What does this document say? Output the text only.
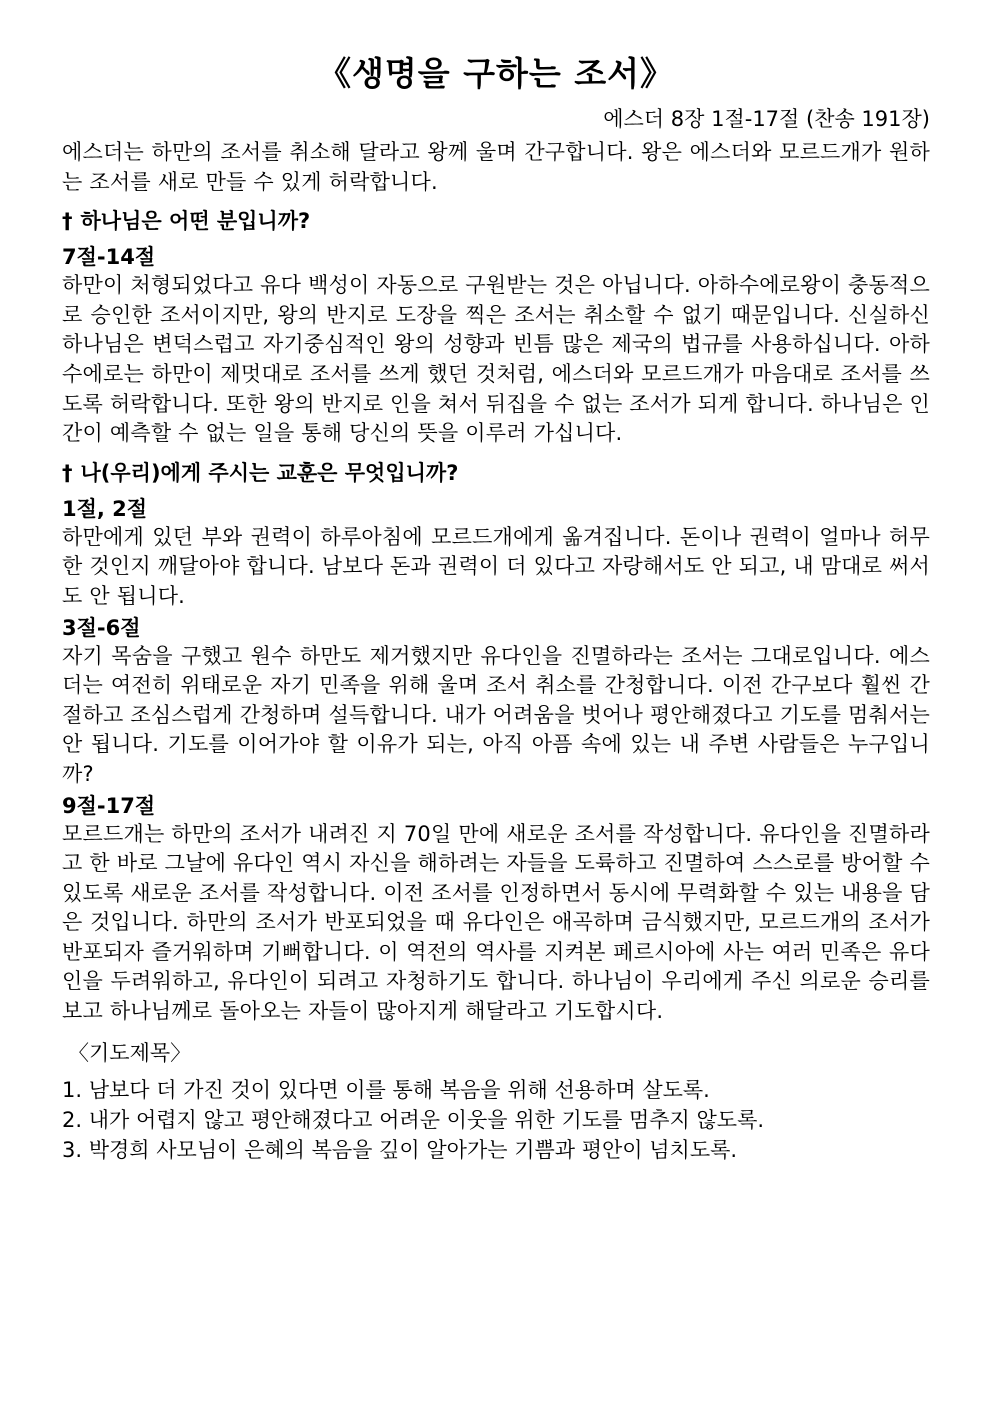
《생명을 구하는 조서》
에스더 8장 1절-17절 (찬송 191장)

에스더는 하만의 조서를 취소해 달라고 왕께 울며 간구합니다. 왕은 에스더와 모르드개가 원하는 조서를 새로 만들 수 있게 허락합니다.

† 하나님은 어떤 분입니까?
7절-14절

하만이 처형되었다고 유다 백성이 자동으로 구원받는 것은 아닙니다. 아하수에로왕이 충동적으로 승인한 조서이지만, 왕의 반지로 도장을 찍은 조서는 취소할 수 없기 때문입니다. 신실하신 하나님은 변덕스럽고 자기중심적인 왕의 성향과 빈틈 많은 제국의 법규를 사용하십니다. 아하수에로는 하만이 제멋대로 조서를 쓰게 했던 것처럼, 에스더와 모르드개가 마음대로 조서를 쓰도록 허락합니다. 또한 왕의 반지로 인을 쳐서 뒤집을 수 없는 조서가 되게 합니다. 하나님은 인간이 예측할 수 없는 일을 통해 당신의 뜻을 이루러 가십니다.

† 나(우리)에게 주시는 교훈은 무엇입니까?
1절, 2절

하만에게 있던 부와 권력이 하루아침에 모르드개에게 옮겨집니다. 돈이나 권력이 얼마나 허무한 것인지 깨달아야 합니다. 남보다 돈과 권력이 더 있다고 자랑해서도 안 되고, 내 맘대로 써서도 안 됩니다.

3절-6절

자기 목숨을 구했고 원수 하만도 제거했지만 유다인을 진멸하라는 조서는 그대로입니다. 에스더는 여전히 위태로운 자기 민족을 위해 울며 조서 취소를 간청합니다. 이전 간구보다 훨씬 간절하고 조심스럽게 간청하며 설득합니다. 내가 어려움을 벗어나 평안해졌다고 기도를 멈춰서는 안 됩니다. 기도를 이어가야 할 이유가 되는, 아직 아픔 속에 있는 내 주변 사람들은 누구입니까?

9절-17절

모르드개는 하만의 조서가 내려진 지 70일 만에 새로운 조서를 작성합니다. 유다인을 진멸하라고 한 바로 그날에 유다인 역시 자신을 해하려는 자들을 도륙하고 진멸하여 스스로를 방어할 수 있도록 새로운 조서를 작성합니다. 이전 조서를 인정하면서 동시에 무력화할 수 있는 내용을 담은 것입니다. 하만의 조서가 반포되었을 때 유다인은 애곡하며 금식했지만, 모르드개의 조서가 반포되자 즐거워하며 기뻐합니다. 이 역전의 역사를 지켜본 페르시아에 사는 여러 민족은 유다인을 두려워하고, 유다인이 되려고 자청하기도 합니다. 하나님이 우리에게 주신 의로운 승리를 보고 하나님께로 돌아오는 자들이 많아지게 해달라고 기도합시다.

〈기도제목〉
1. 남보다 더 가진 것이 있다면 이를 통해 복음을 위해 선용하며 살도록.
2. 내가 어렵지 않고 평안해졌다고 어려운 이웃을 위한 기도를 멈추지 않도록.
3. 박경희 사모님이 은혜의 복음을 깊이 알아가는 기쁨과 평안이 넘치도록.
